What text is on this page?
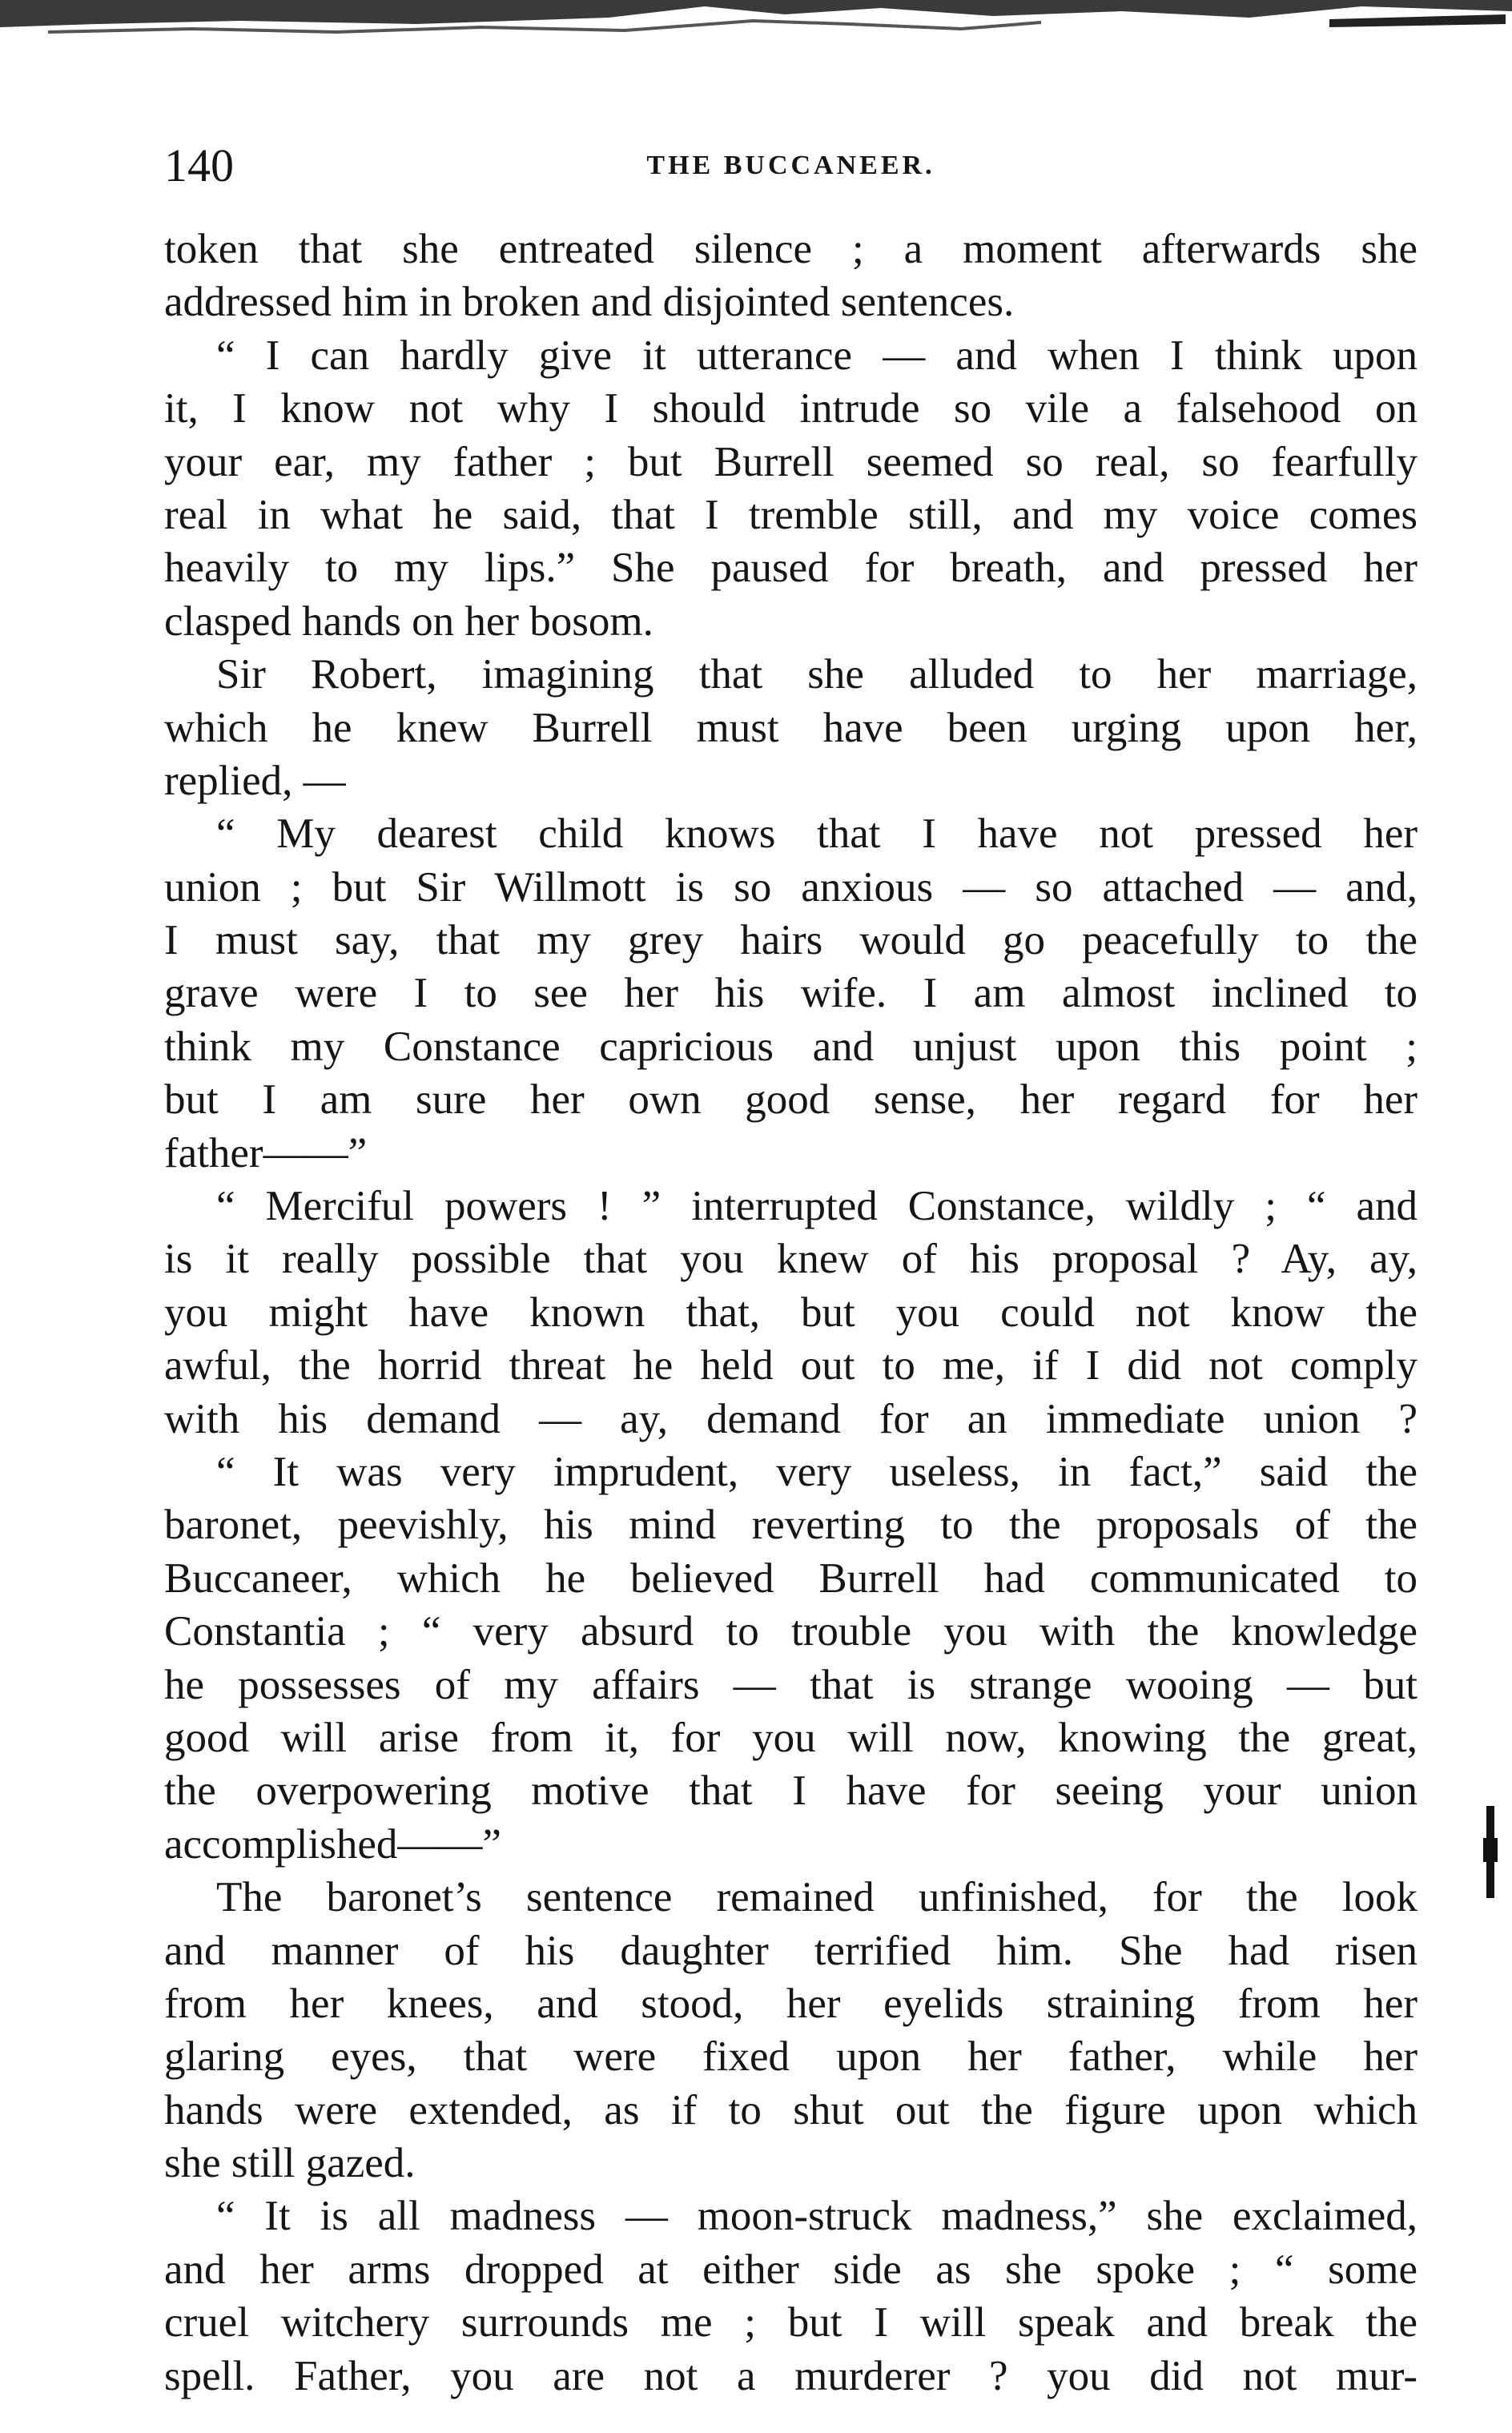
140	THE BUCCANEER.
token that she entreated silence ; a moment afterwards she
addressed him in broken and disjointed sentences.
“ I can hardly give it utterance — and when I think upon
it, I know not why I should intrude so vile a falsehood on
your ear, my father ; but Burrell seemed so real, so fearfully
real in what he said, that I tremble still, and my voice comes
heavily to my lips.” She paused for breath, and pressed her
clasped hands on her bosom.
Sir Robert, imagining that she alluded to her marriage,
which he knew Burrell must have been urging upon her,
replied, —
“ My dearest child knows that I have not pressed her
union ; but Sir Willmott is so anxious — so attached — and,
I must say, that my grey hairs would go peacefully to the
grave were I to see her his wife. I am almost inclined to
think my Constance capricious and unjust upon this point ;
but I am sure her own good sense, her regard for her
father——”
“ Merciful powers ! ” interrupted Constance, wildly ; “ and
is it really possible that you knew of his proposal ? Ay, ay,
you might have known that, but you could not know the
awful, the horrid threat he held out to me, if I did not comply
with his demand — ay, demand for an immediate union ?
“ It was very imprudent, very useless, in fact,” said the
baronet, peevishly, his mind reverting to the proposals of the
Buccaneer, which he believed Burrell had communicated to
Constantia ; “ very absurd to trouble you with the knowledge
he possesses of my affairs — that is strange wooing — but
good will arise from it, for you will now, knowing the great,
the overpowering motive that I have for seeing your union
accomplished——”
The baronet’s sentence remained unfinished, for the look
and manner of his daughter terrified him. She had risen
from her knees, and stood, her eyelids straining from her
glaring eyes, that were fixed upon her father, while her
hands were extended, as if to shut out the figure upon which
she still gazed.
“ It is all madness — moon-struck madness,” she exclaimed,
and her arms dropped at either side as she spoke ; “ some
cruel witchery surrounds me ; but I will speak and break the
spell. Father, you are not a murderer ? you did not mur-
